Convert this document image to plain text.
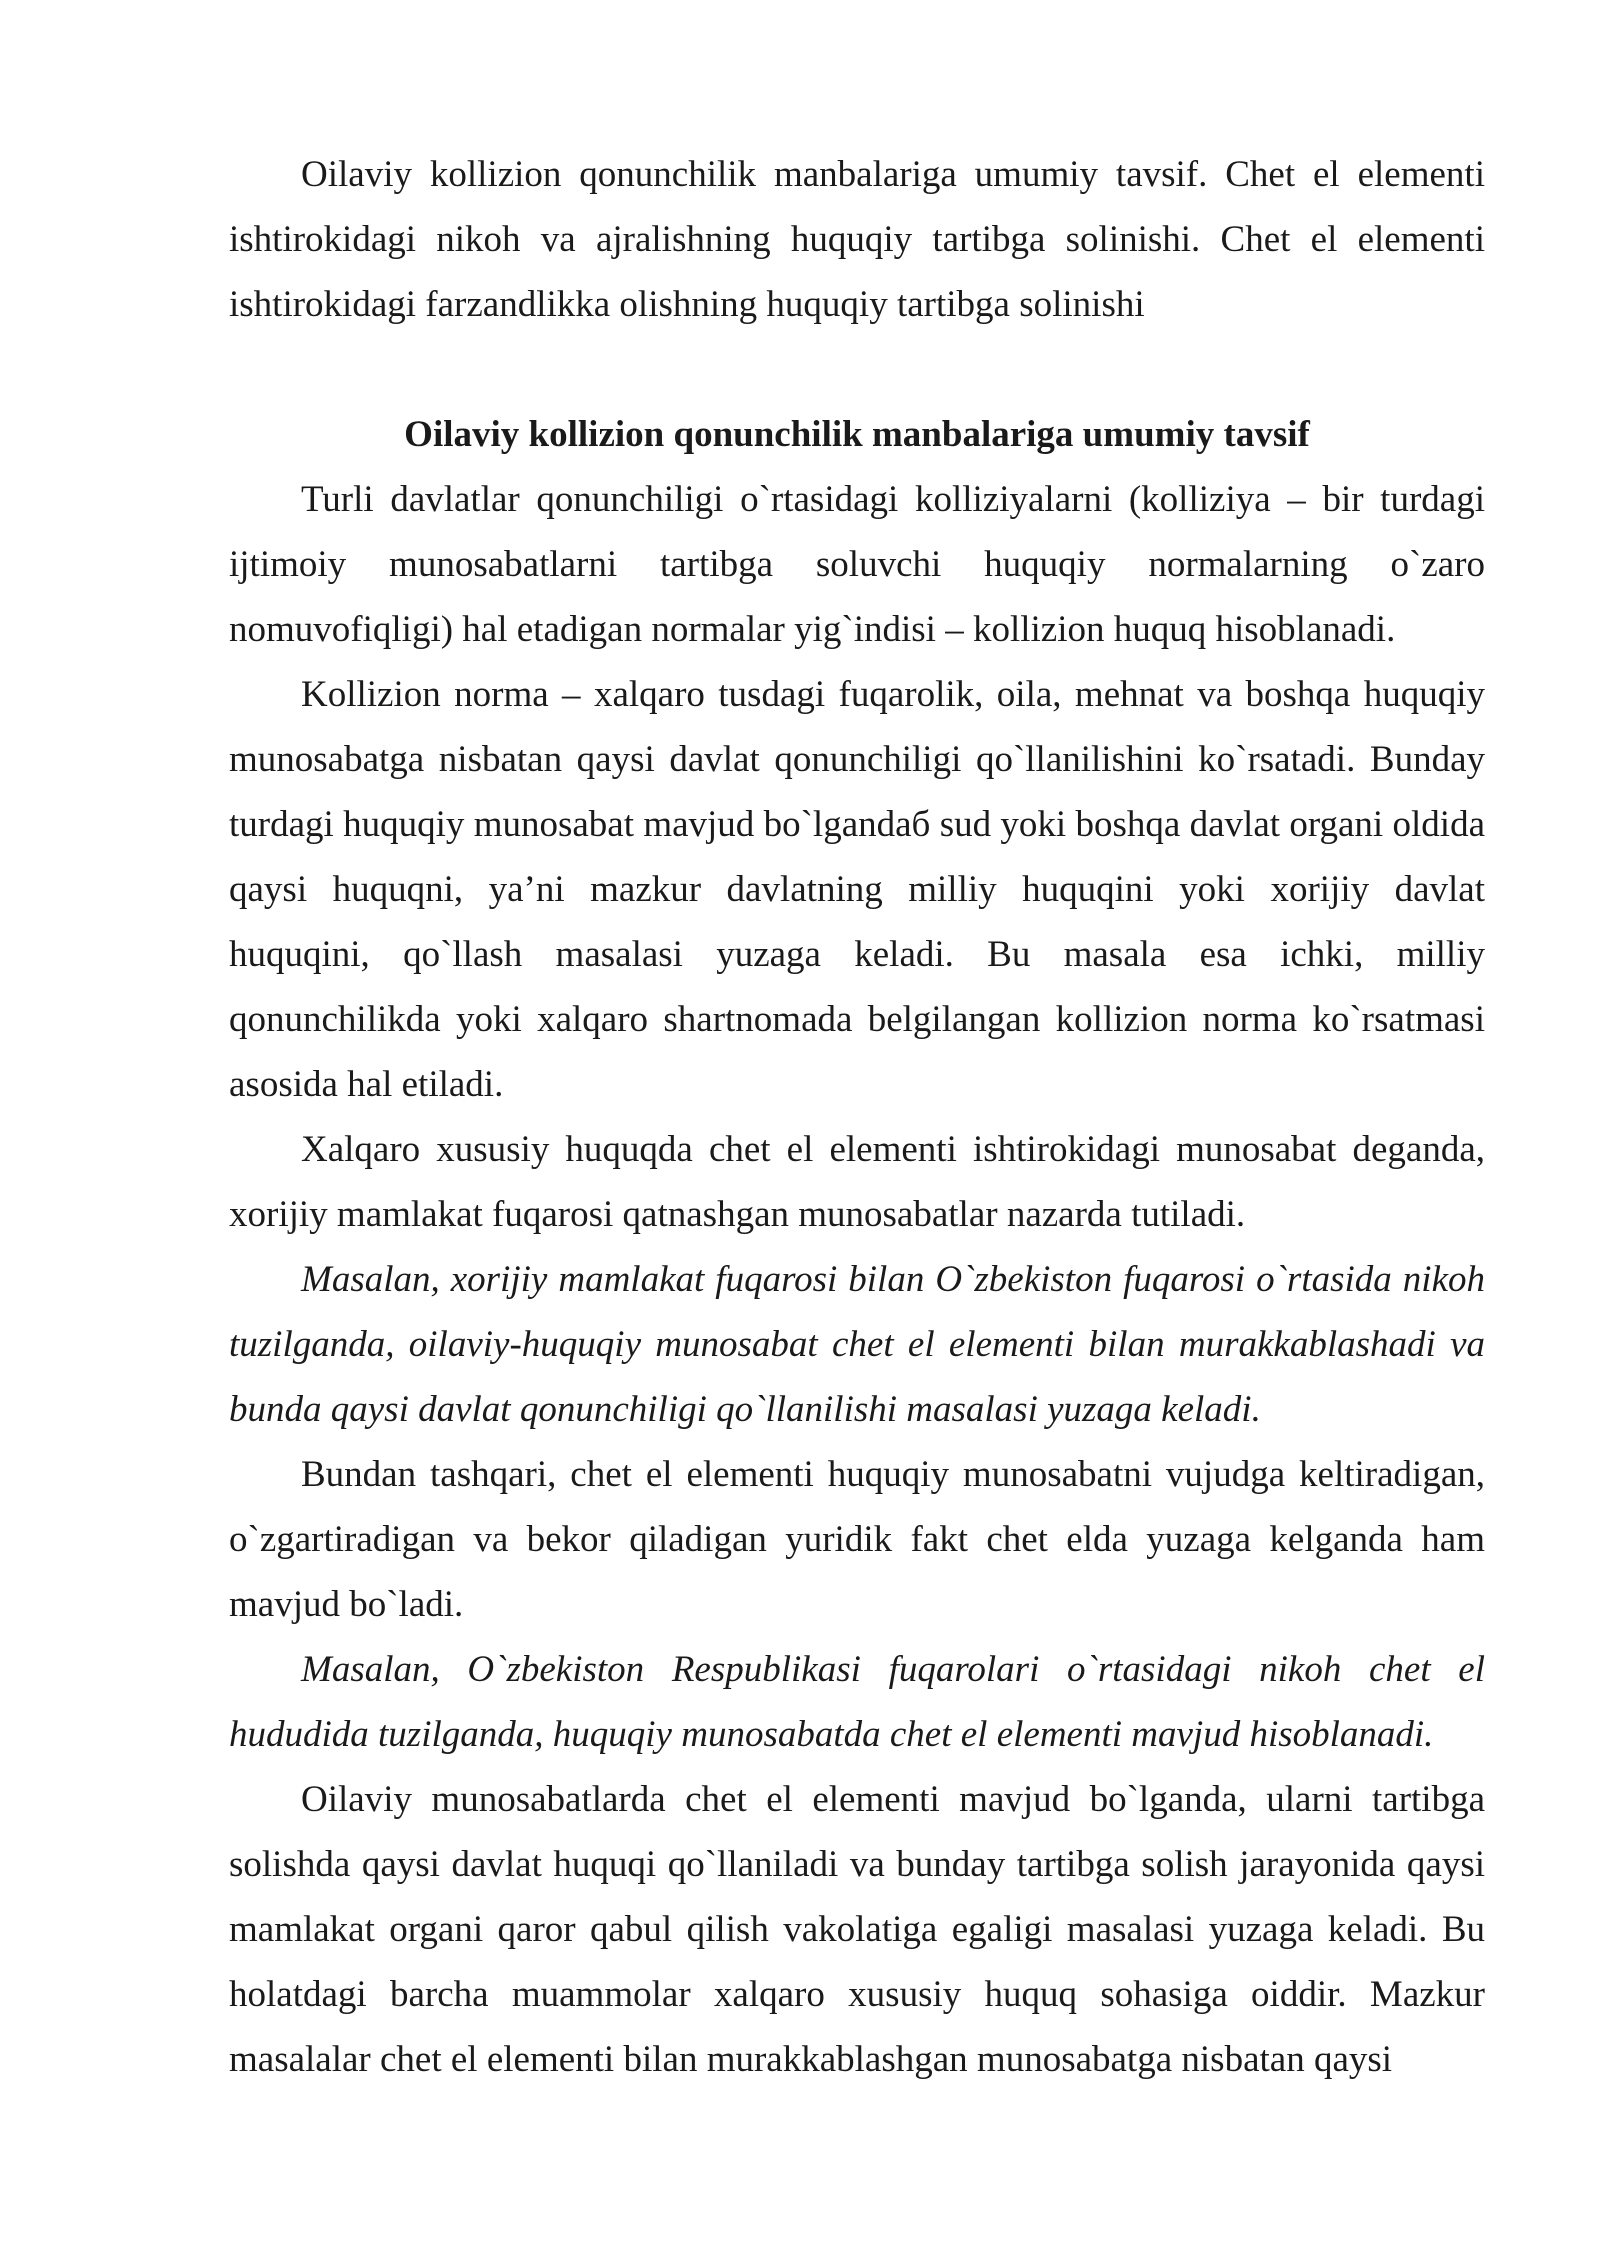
Oilaviy kollizion qonunchilik manbalariga umumiy tavsif. Chet el elementi ishtirokidagi nikoh va ajralishning huquqiy tartibga solinishi. Chet el elementi ishtirokidagi farzandlikka olishning huquqiy tartibga solinishi

Oilaviy kollizion qonunchilik manbalariga umumiy tavsif

Turli davlatlar qonunchiligi o`rtasidagi kolliziyalarni (kolliziya – bir turdagi ijtimoiy munosabatlarni tartibga soluvchi huquqiy normalarning o`zaro nomuvofiqligi) hal etadigan normalar yig`indisi – kollizion huquq hisoblanadi.

Kollizion norma – xalqaro tusdagi fuqarolik, oila, mehnat va boshqa huquqiy munosabatga nisbatan qaysi davlat qonunchiligi qo`llanilishini ko`rsatadi. Bunday turdagi huquqiy munosabat mavjud bo`lgandaб sud yoki boshqa davlat organi oldida qaysi huquqni, ya’ni mazkur davlatning milliy huquqini yoki xorijiy davlat huquqini, qo`llash masalasi yuzaga keladi. Bu masala esa ichki, milliy qonunchilikda yoki xalqaro shartnomada belgilangan kollizion norma ko`rsatmasi asosida hal etiladi.

Xalqaro xususiy huquqda chet el elementi ishtirokidagi munosabat deganda, xorijiy mamlakat fuqarosi qatnashgan munosabatlar nazarda tutiladi.

Masalan, xorijiy mamlakat fuqarosi bilan O`zbekiston fuqarosi o`rtasida nikoh tuzilganda, oilaviy-huquqiy munosabat chet el elementi bilan murakkablashadi va bunda qaysi davlat qonunchiligi qo`llanilishi masalasi yuzaga keladi.

Bundan tashqari, chet el elementi huquqiy munosabatni vujudga keltiradigan, o`zgartiradigan va bekor qiladigan yuridik fakt chet elda yuzaga kelganda ham mavjud bo`ladi.

Masalan, O`zbekiston Respublikasi fuqarolari o`rtasidagi nikoh chet el hududida tuzilganda, huquqiy munosabatda chet el elementi mavjud hisoblanadi.

Oilaviy munosabatlarda chet el elementi mavjud bo`lganda, ularni tartibga solishda qaysi davlat huquqi qo`llaniladi va bunday tartibga solish jarayonida qaysi mamlakat organi qaror qabul qilish vakolatiga egaligi masalasi yuzaga keladi. Bu holatdagi barcha muammolar xalqaro xususiy huquq sohasiga oiddir. Mazkur masalalar chet el elementi bilan murakkablashgan munosabatga nisbatan qaysi
